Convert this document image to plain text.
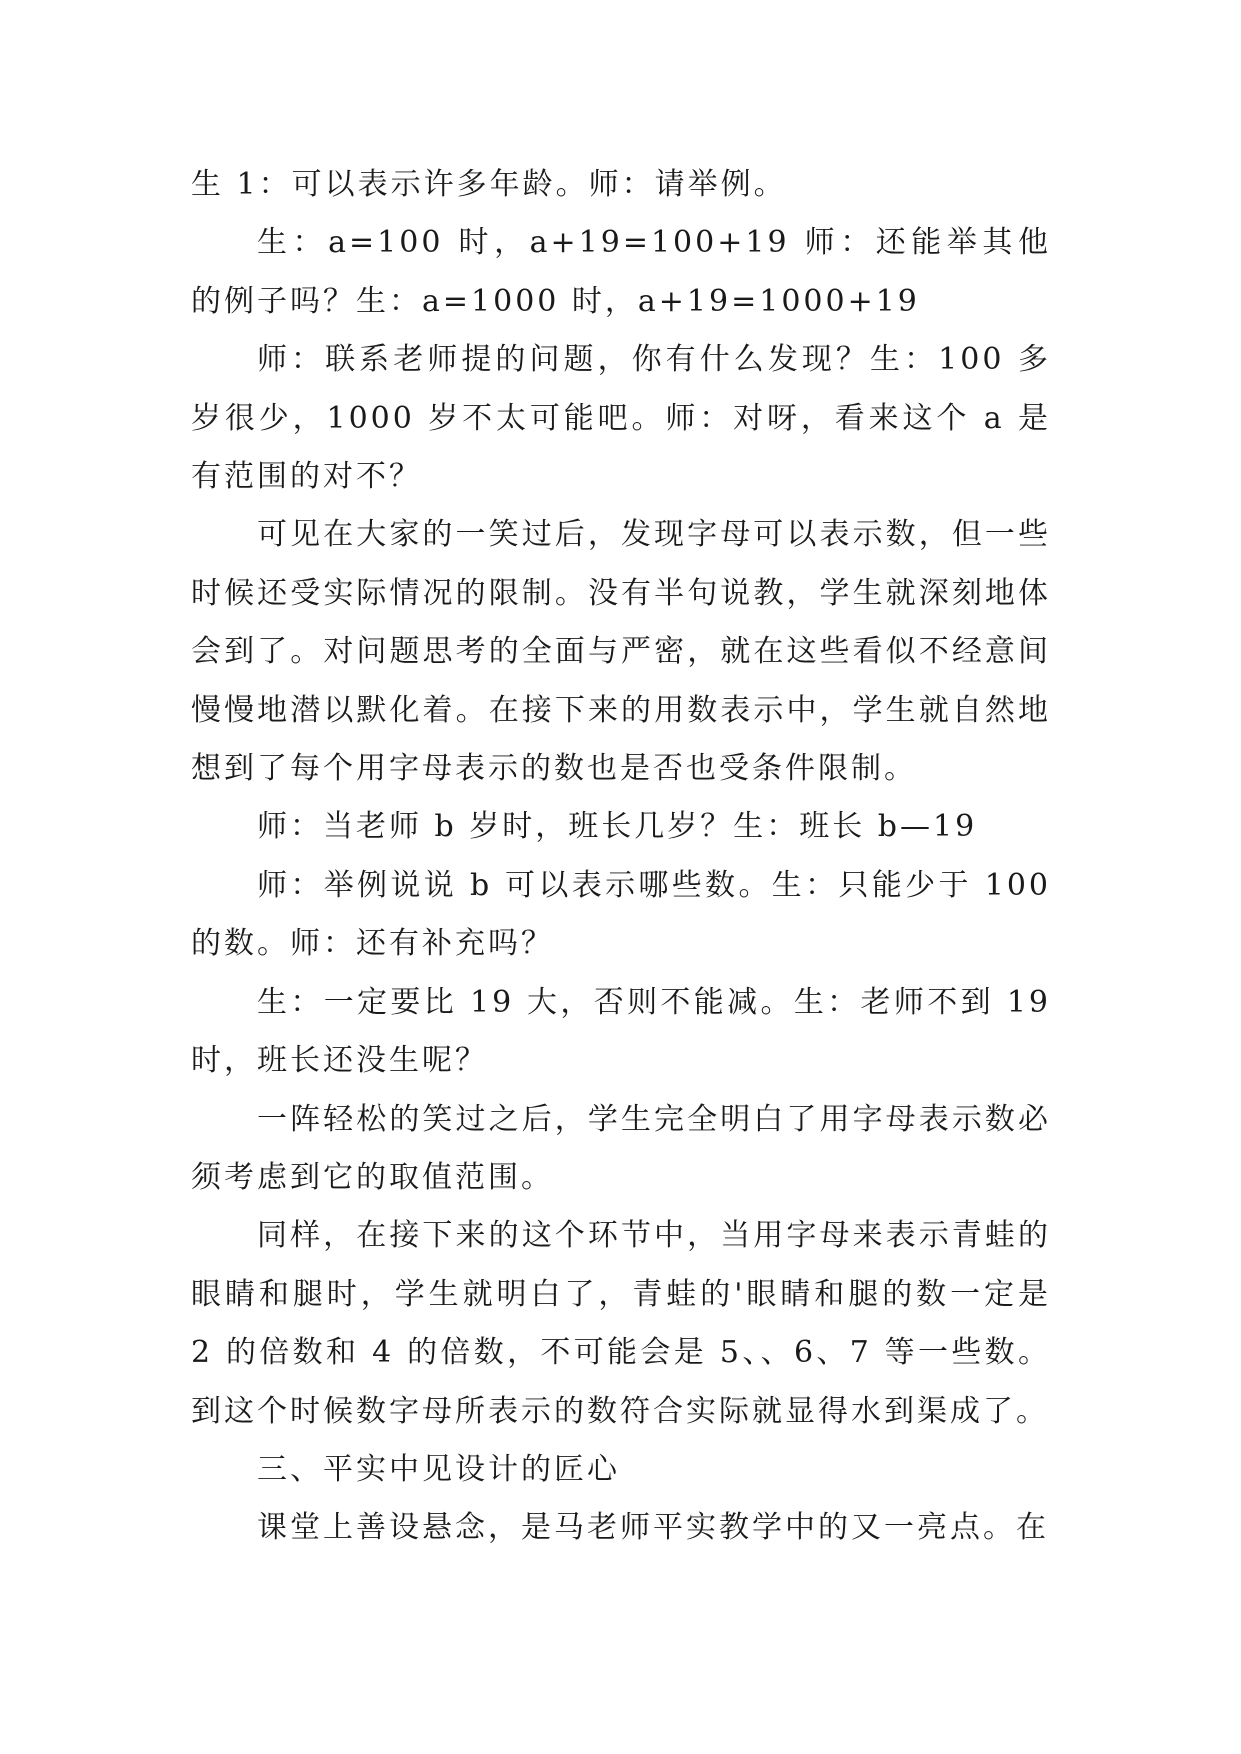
生 1：可以表示许多年龄。师：请举例。

生：a=100 时，a+19=100+19 师：还能举其他的例子吗？生：a=1000 时，a+19=1000+19

师：联系老师提的问题，你有什么发现？生：100 多岁很少，1000 岁不太可能吧。师：对呀，看来这个 a 是有范围的对不？

可见在大家的一笑过后，发现字母可以表示数，但一些时候还受实际情况的限制。没有半句说教，学生就深刻地体会到了。对问题思考的全面与严密，就在这些看似不经意间慢慢地潜以默化着。在接下来的用数表示中，学生就自然地想到了每个用字母表示的数也是否也受条件限制。

师：当老师 b 岁时，班长几岁？生：班长 b—19

师：举例说说 b 可以表示哪些数。生：只能少于 100 的数。师：还有补充吗？

生：一定要比 19 大，否则不能减。生：老师不到 19 时，班长还没生呢？

一阵轻松的笑过之后，学生完全明白了用字母表示数必须考虑到它的取值范围。

同样，在接下来的这个环节中，当用字母来表示青蛙的眼睛和腿时，学生就明白了，青蛙的'眼睛和腿的数一定是 2 的倍数和 4 的倍数，不可能会是 5、、6、7 等一些数。到这个时候数字母所表示的数符合实际就显得水到渠成了。

三、平实中见设计的匠心

课堂上善设悬念，是马老师平实教学中的又一亮点。在
